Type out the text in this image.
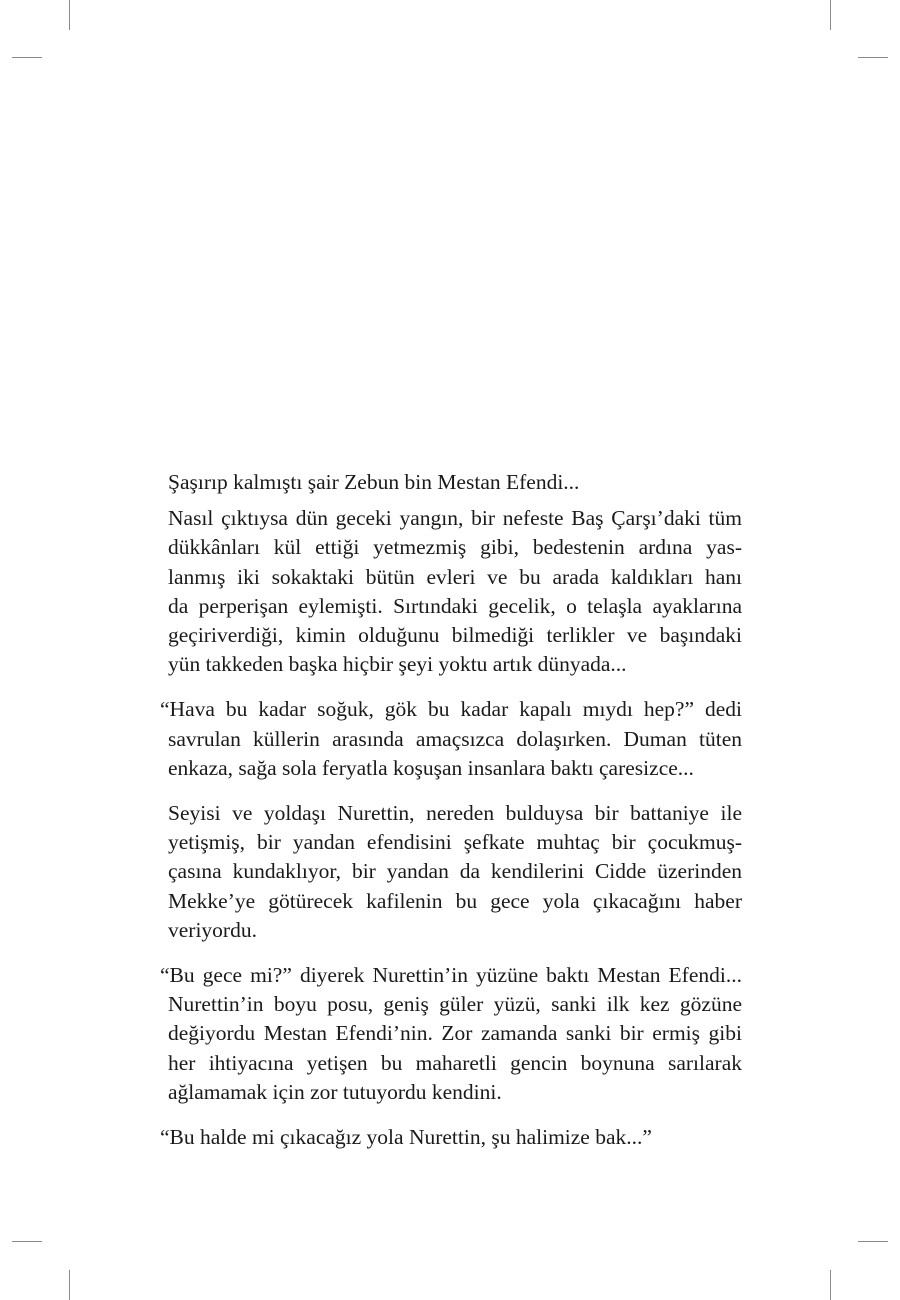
Şaşırıp kalmıştı şair Zebun bin Mestan Efendi...

Nasıl çıktıysa dün geceki yangın, bir nefeste Baş Çarşı’daki tüm
dükkânları kül ettiği yetmezmiş gibi, bedestenin ardına yas-
lanmış iki sokaktaki bütün evleri ve bu arada kaldıkları hanı
da perperişan eylemişti. Sırtındaki gecelik, o telaşla ayaklarına
geçiriverdiği, kimin olduğunu bilmediği terlikler ve başındaki
yün takkeden başka hiçbir şeyi yoktu artık dünyada...

“Hava bu kadar soğuk, gök bu kadar kapalı mıydı hep?” dedi
savrulan küllerin arasında amaçsızca dolaşırken. Duman tüten
enkaza, sağa sola feryatla koşuşan insanlara baktı çaresizce...

Seyisi ve yoldaşı Nurettin, nereden bulduysa bir battaniye ile
yetişmiş, bir yandan efendisini şefkate muhtaç bir çocukmuş-
çasına kundaklıyor, bir yandan da kendilerini Cidde üzerinden
Mekke’ye götürecek kafilenin bu gece yola çıkacağını haber
veriyordu.

“Bu gece mi?” diyerek Nurettin’in yüzüne baktı Mestan Efendi...
Nurettin’in boyu posu, geniş güler yüzü, sanki ilk kez gözüne
değiyordu Mestan Efendi’nin. Zor zamanda sanki bir ermiş gibi
her ihtiyacına yetişen bu maharetli gencin boynuna sarılarak
ağlamamak için zor tutuyordu kendini.

“Bu halde mi çıkacağız yola Nurettin, şu halimize bak...”
